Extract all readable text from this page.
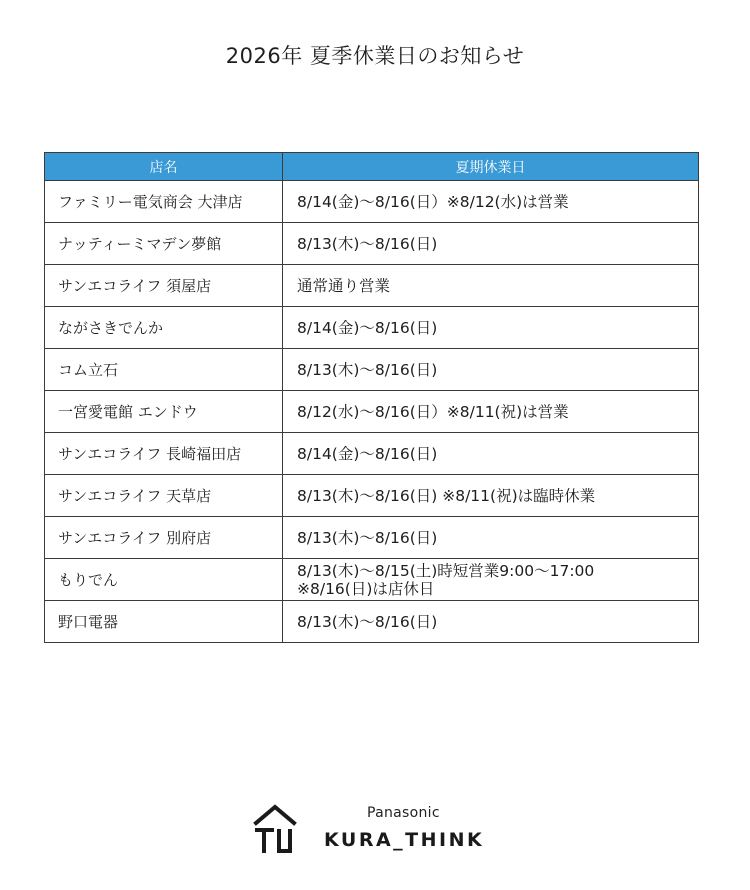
2026年 夏季休業日のお知らせ
店名	夏期休業日
ファミリー電気商会 大津店	8/14(金)～8/16(日）※8/12(水)は営業

ナッティーミマデン夢館	8/13(木)～8/16(日)

サンエコライフ 須屋店	通常通り営業

ながさきでんか	8/14(金)～8/16(日)

コム立石	8/13(木)～8/16(日)

一宮愛電館 エンドウ	8/12(水)～8/16(日）※8/11(祝)は営業

サンエコライフ 長崎福田店	8/14(金)～8/16(日)

サンエコライフ 天草店	8/13(木)～8/16(日) ※8/11(祝)は臨時休業

サンエコライフ 別府店	8/13(木)～8/16(日)

もりでん	8/13(木)～8/15(土)時短営業9:00～17:00
※8/16(日)は店休日

野口電器	8/13(木)～8/16(日)
Panasonic
KURA_THINK
